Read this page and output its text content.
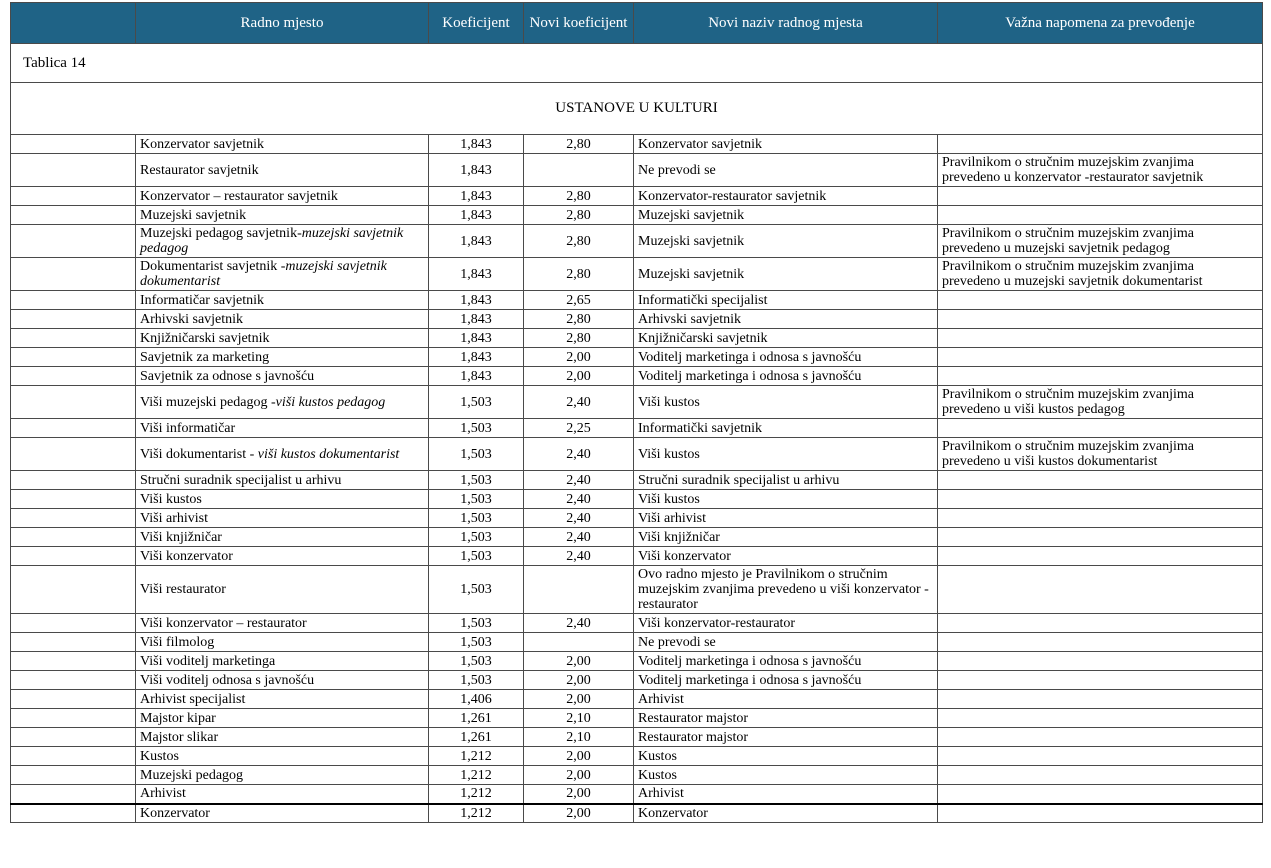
Tablica 14					
USTANOVE U KULTURI					
	Radno mjesto	Koeficijent	Novi koeficijent	Novi naziv radnog mjesta	Važna napomena za prevođenje
	Konzervator savjetnik	1,843	2,80	Konzervator savjetnik	
	Restaurator savjetnik	1,843		Ne prevodi se	Pravilnikom o stručnim muzejskim zvanjima prevedeno u konzervator -restaurator savjetnik
	Konzervator – restaurator savjetnik	1,843	2,80	Konzervator-restaurator savjetnik	
	Muzejski savjetnik	1,843	2,80	Muzejski savjetnik	
	Muzejski pedagog savjetnik-muzejski savjetnik pedagog	1,843	2,80	Muzejski savjetnik	Pravilnikom o stručnim muzejskim zvanjima prevedeno u muzejski savjetnik pedagog
	Dokumentarist savjetnik -muzejski savjetnik dokumentarist	1,843	2,80	Muzejski savjetnik	Pravilnikom o stručnim muzejskim zvanjima prevedeno u muzejski savjetnik dokumentarist
	Informatičar savjetnik	1,843	2,65	Informatički specijalist	
	Arhivski savjetnik	1,843	2,80	Arhivski savjetnik	
	Knjižničarski savjetnik	1,843	2,80	Knjižničarski savjetnik	
	Savjetnik za marketing	1,843	2,00	Voditelj marketinga i odnosa s javnošću	
	Savjetnik za odnose s javnošću	1,843	2,00	Voditelj marketinga i odnosa s javnošću	
	Viši muzejski pedagog -viši kustos pedagog	1,503	2,40	Viši kustos	Pravilnikom o stručnim muzejskim zvanjima prevedeno u viši kustos pedagog
	Viši informatičar	1,503	2,25	Informatički savjetnik	
	Viši dokumentarist - viši kustos dokumentarist	1,503	2,40	Viši kustos	Pravilnikom o stručnim muzejskim zvanjima prevedeno u viši kustos dokumentarist
	Stručni suradnik specijalist u arhivu	1,503	2,40	Stručni suradnik specijalist u arhivu	
	Viši kustos	1,503	2,40	Viši kustos	
	Viši arhivist	1,503	2,40	Viši arhivist	
	Viši knjižničar	1,503	2,40	Viši knjižničar	
	Viši konzervator	1,503	2,40	Viši konzervator	
	Viši restaurator	1,503		Ovo radno mjesto je Pravilnikom o stručnim muzejskim zvanjima prevedeno u viši konzervator -restaurator	
	Viši konzervator – restaurator	1,503	2,40	Viši konzervator-restaurator	
	Viši filmolog	1,503		Ne prevodi se	
	Viši voditelj marketinga	1,503	2,00	Voditelj marketinga i odnosa s javnošću	
	Viši voditelj odnosa s javnošću	1,503	2,00	Voditelj marketinga i odnosa s javnošću	
	Arhivist specijalist	1,406	2,00	Arhivist	
	Majstor kipar	1,261	2,10	Restaurator majstor	
	Majstor slikar	1,261	2,10	Restaurator majstor	
	Kustos	1,212	2,00	Kustos	
	Muzejski pedagog	1,212	2,00	Kustos	
	Arhivist	1,212	2,00	Arhivist	
	Konzervator	1,212	2,00	Konzervator	
